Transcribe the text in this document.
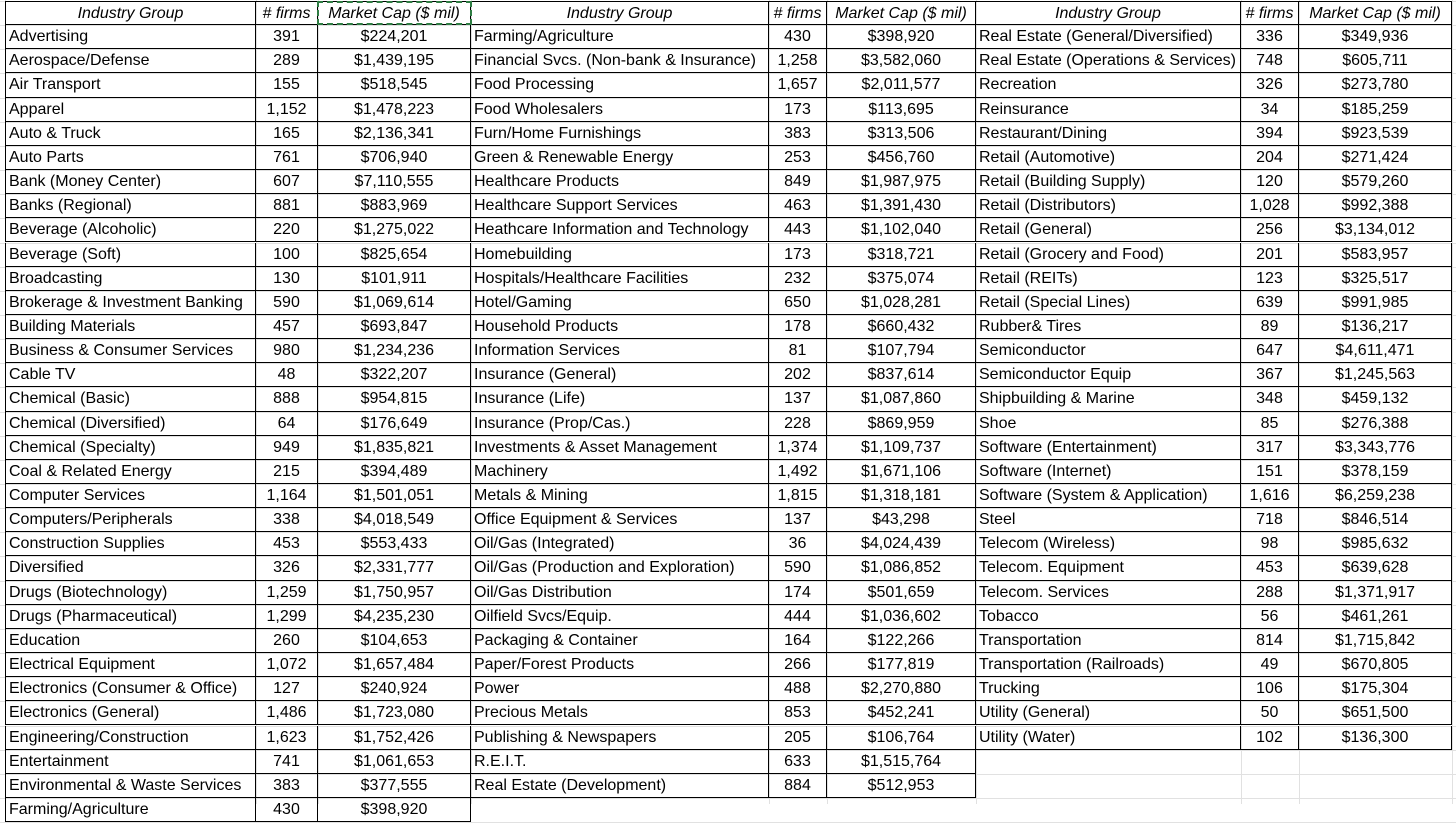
Industry Group	# firms	Market Cap ($ mil)
Advertising	391	$224,201
Aerospace/Defense	289	$1,439,195
Air Transport	155	$518,545
Apparel	1,152	$1,478,223
Auto & Truck	165	$2,136,341
Auto Parts	761	$706,940
Bank (Money Center)	607	$7,110,555
Banks (Regional)	881	$883,969
Beverage (Alcoholic)	220	$1,275,022
Beverage (Soft)	100	$825,654
Broadcasting	130	$101,911
Brokerage & Investment Banking	590	$1,069,614
Building Materials	457	$693,847
Business & Consumer Services	980	$1,234,236
Cable TV	48	$322,207
Chemical (Basic)	888	$954,815
Chemical (Diversified)	64	$176,649
Chemical (Specialty)	949	$1,835,821
Coal & Related Energy	215	$394,489
Computer Services	1,164	$1,501,051
Computers/Peripherals	338	$4,018,549
Construction Supplies	453	$553,433
Diversified	326	$2,331,777
Drugs (Biotechnology)	1,259	$1,750,957
Drugs (Pharmaceutical)	1,299	$4,235,230
Education	260	$104,653
Electrical Equipment	1,072	$1,657,484
Electronics (Consumer & Office)	127	$240,924
Electronics (General)	1,486	$1,723,080
Engineering/Construction	1,623	$1,752,426
Entertainment	741	$1,061,653
Environmental & Waste Services	383	$377,555
Industry Group	# firms Market Cap ($ mil)
Farming/Agriculture	430	$398,920
Financial Svcs. (Non-bank & Insurance)	1,258	$3,582,060
Food Processing	1,657	$2,011,577
Food Wholesalers	173	$113,695
Furn/Home Furnishings	383	$313,506
Green & Renewable Energy	253	$456,760
Healthcare Products	849	$1,987,975
Healthcare Support Services	463	$1,391,430
Heathcare Information and Technology	443	$1,102,040
Homebuilding	173	$318,721
Hospitals/Healthcare Facilities	232	$375,074
Hotel/Gaming	650	$1,028,281
Household Products	178	$660,432
Information Services	81	$107,794
Insurance (General)	202	$837,614
Insurance (Life)	137	$1,087,860
Insurance (Prop/Cas.)	228	$869,959
Investments & Asset Management	1,374	$1,109,737
Machinery	1,492	$1,671,106
Metals & Mining	1,815	$1,318,181
Office Equipment & Services	137	$43,298
Oil/Gas (Integrated)	36	$4,024,439
Oil/Gas (Production and Exploration)	590	$1,086,852
Oil/Gas Distribution	174	$501,659
Oilfield Svcs/Equip.	444	$1,036,602
Packaging & Container	164	$122,266
Paper/Forest Products	266	$177,819
Power	488	$2,270,880
Precious Metals	853	$452,241
Publishing & Newspapers	205	$106,764
R.E.I.T.	633	$1,515,764
Real Estate (Development)	884	$512,953
Industry Group	# firms Market Cap ($ mil)
Real Estate (General/Diversified)	336	$349,936
Real Estate (Operations & Services)	748	$605,711
Recreation	326	$273,780
Reinsurance	34	$185,259
Restaurant/Dining	394	$923,539
Retail (Automotive)	204	$271,424
Retail (Building Supply)	120	$579,260
Retail (Distributors)	1,028	$992,388
Retail (General)	256	$3,134,012
Retail (Grocery and Food)	201	$583,957
Retail (REITs)	123	$325,517
Retail (Special Lines)	639	$991,985
Rubber& Tires	89	$136,217
Semiconductor	647	$4,611,471
Semiconductor Equip	367	$1,245,563
Shipbuilding & Marine	348	$459,132
Shoe	85	$276,388
Software (Entertainment)	317	$3,343,776
Software (Internet)	151	$378,159
Software (System & Application)	1,616	$6,259,238
Steel	718	$846,514
Telecom (Wireless)	98	$985,632
Telecom. Equipment	453	$639,628
Telecom. Services	288	$1,371,917
Tobacco	56	$461,261
Transportation	814	$1,715,842
Transportation (Railroads)	49	$670,805
Trucking	106	$175,304
Utility (General)	50	$651,500
Utility (Water)	102	$136,300
Farming/Agriculture	430	$398,920
